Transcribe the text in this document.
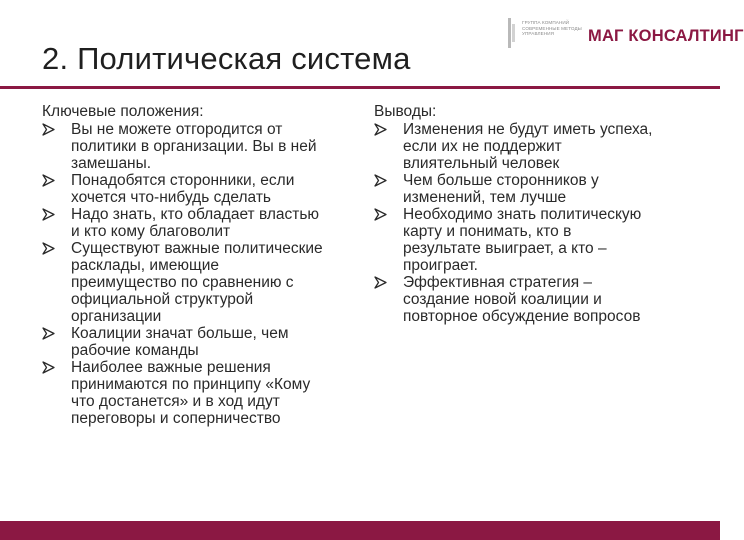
ГРУППА КОМПАНИЙ
СОВРЕМЕННЫЕ МЕТОДЫ
УПРАВЛЕНИЯ	МАГ КОНСАЛТИНГ
2. Политическая система
Ключевые положения:
Вы не можете отгородится от
политики в организации. Вы в ней
замешаны.
Понадобятся сторонники, если
хочется что-нибудь сделать
Надо знать, кто обладает властью
и кто кому благоволит
Существуют важные политические
расклады, имеющие
преимущество по сравнению с
официальной структурой
организации
Коалиции значат больше, чем
рабочие команды
Наиболее важные решения
принимаются по принципу «Кому
что достанется» и в ход идут
переговоры и соперничество
Выводы:
Изменения не будут иметь успеха,
если их не поддержит
влиятельный человек
Чем больше сторонников у
изменений, тем лучше
Необходимо знать политическую
карту и понимать, кто в
результате выиграет, а кто –
проиграет.
Эффективная стратегия –
создание новой коалиции и
повторное обсуждение вопросов
